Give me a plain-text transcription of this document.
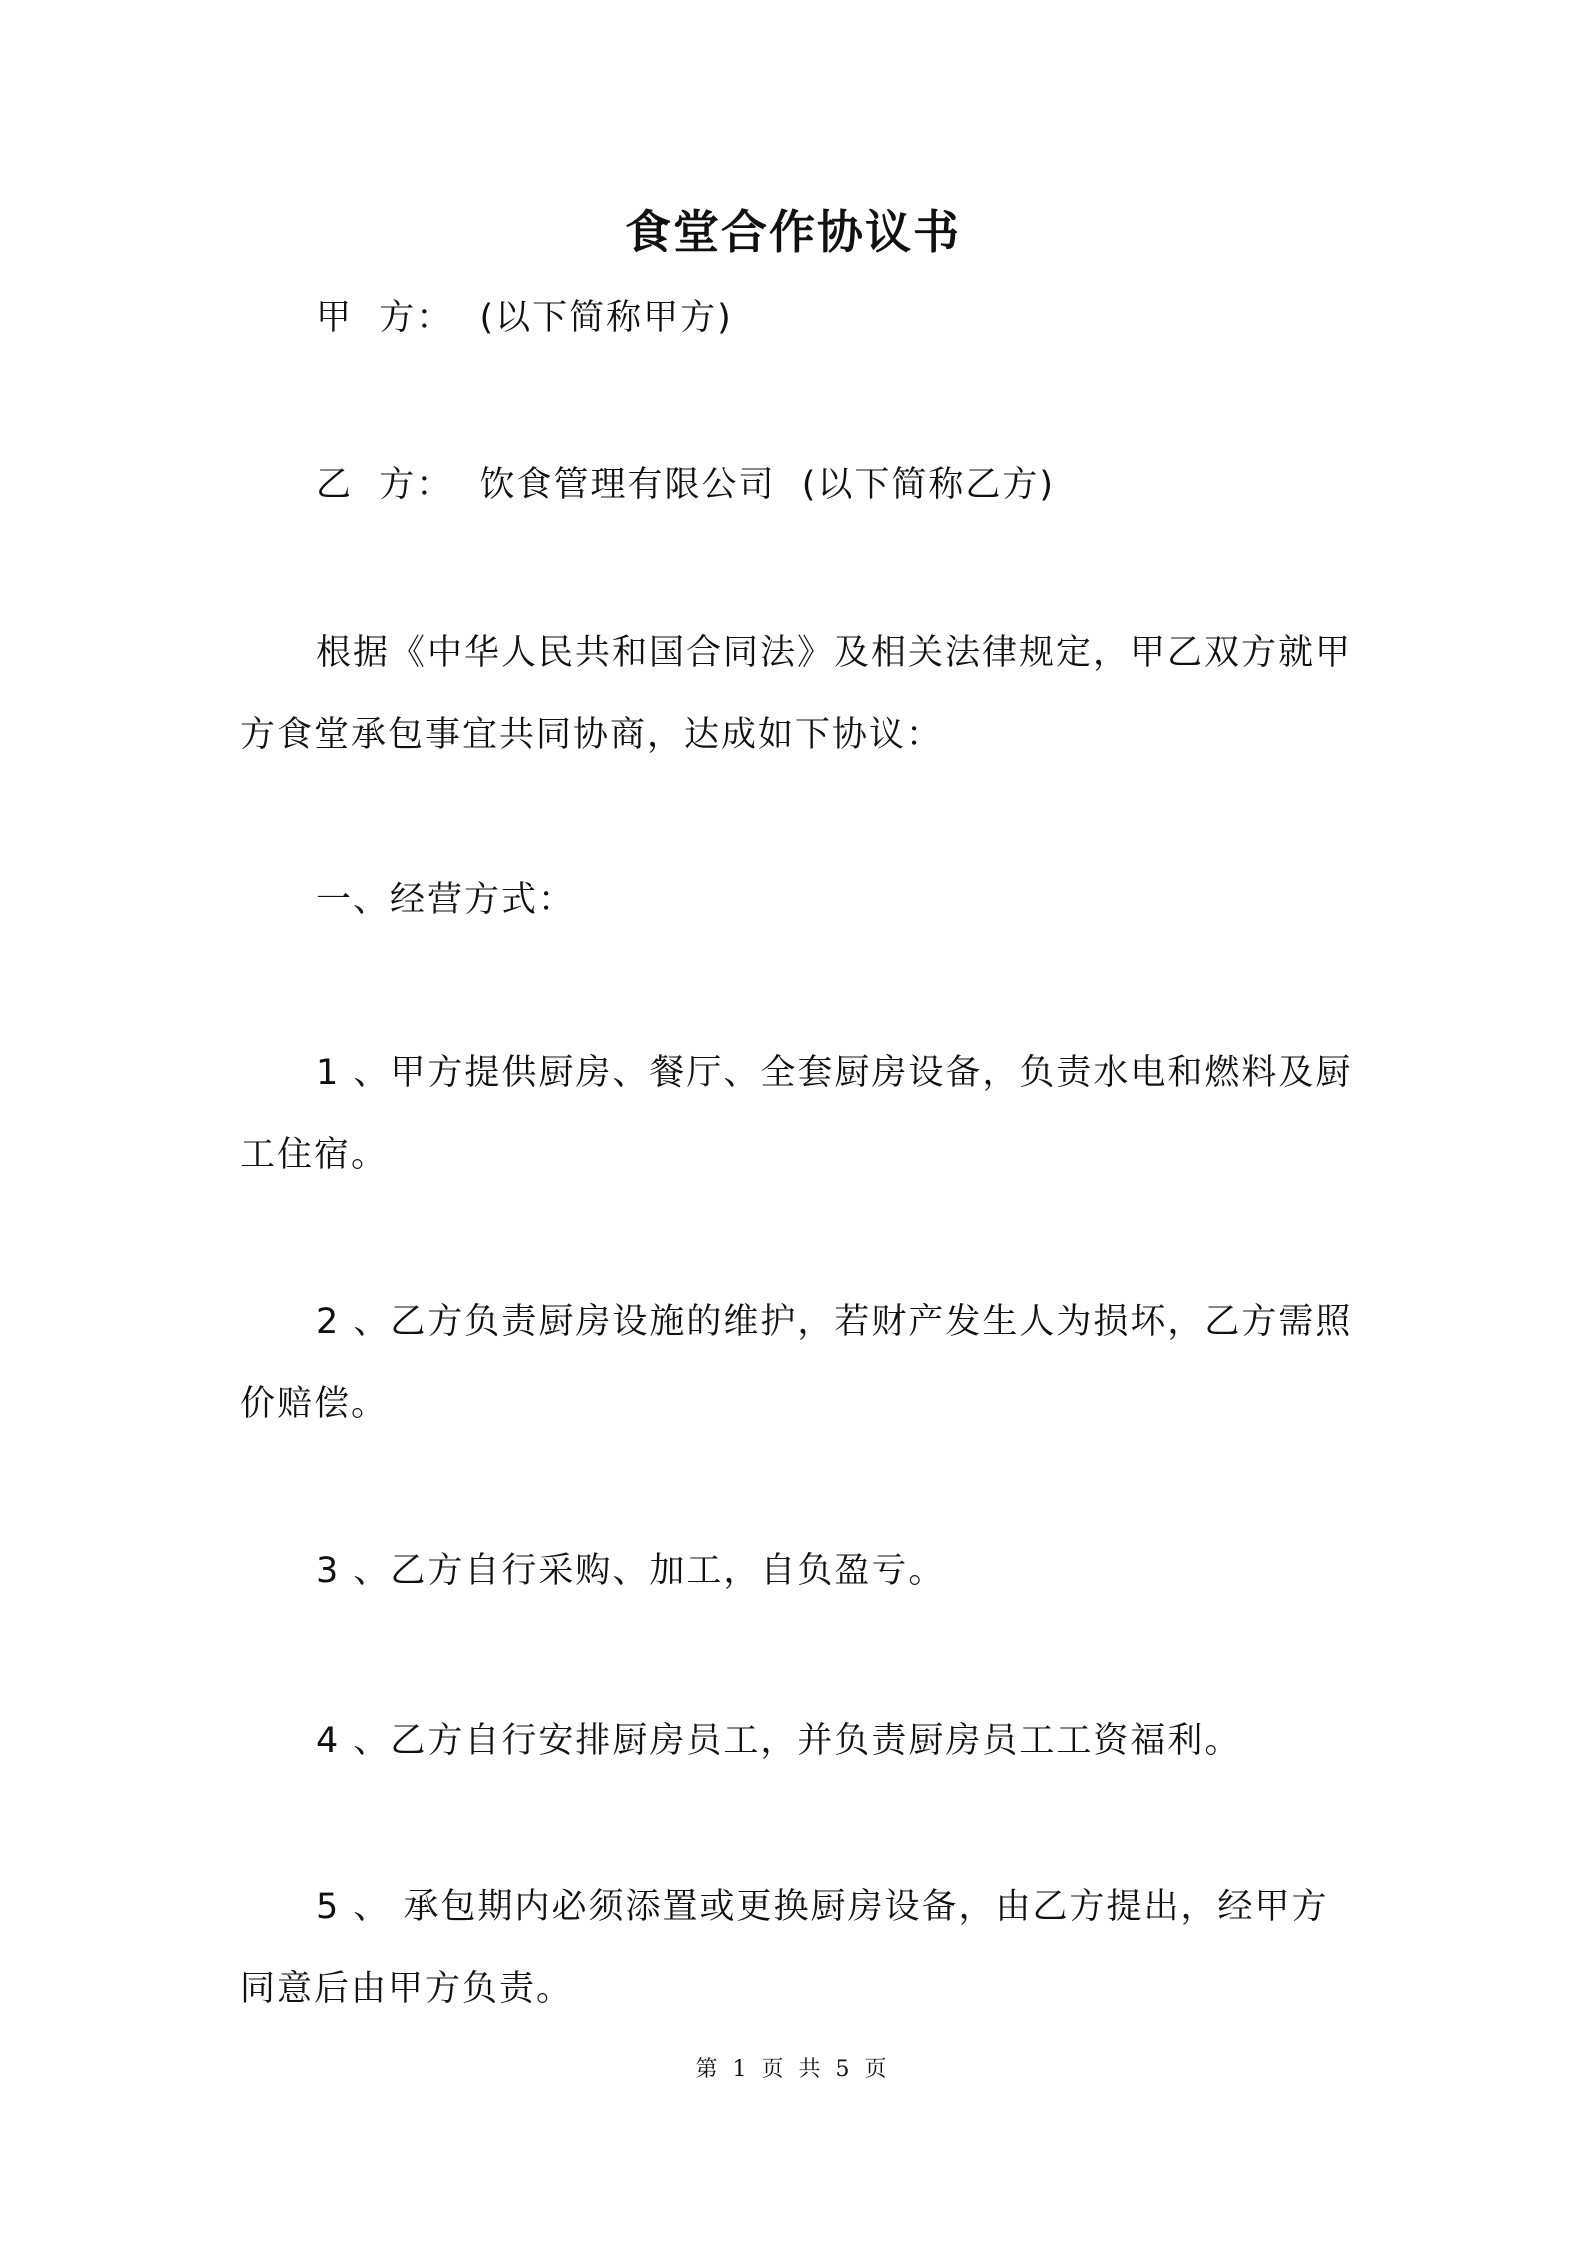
食堂合作协议书
甲  方：  (以下简称甲方)
乙  方：  饮食管理有限公司  (以下简称乙方)
根据《中华人民共和国合同法》及相关法律规定，甲乙双方就甲方食堂承包事宜共同协商，达成如下协议：
一、经营方式：
1 、甲方提供厨房、餐厅、全套厨房设备，负责水电和燃料及厨工住宿。
2 、乙方负责厨房设施的维护，若财产发生人为损坏，乙方需照价赔偿。
3 、乙方自行采购、加工，自负盈亏。
4 、乙方自行安排厨房员工，并负责厨房员工工资福利。
5 、 承包期内必须添置或更换厨房设备，由乙方提出，经甲方同意后由甲方负责。
第 1 页 共 5 页
